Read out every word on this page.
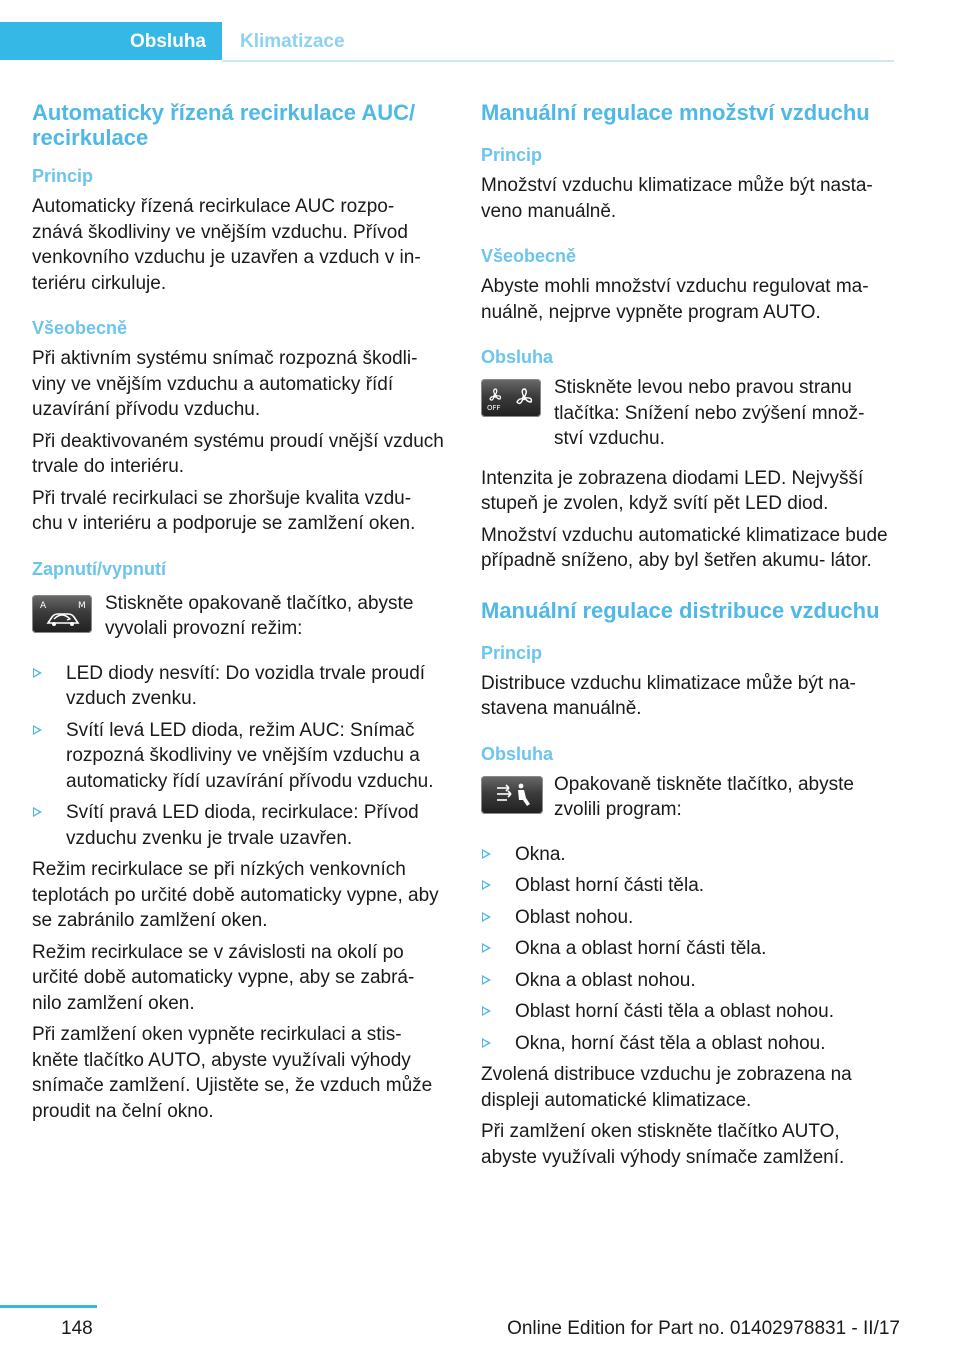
Obsluha	Klimatizace
Automaticky řízená recirkulace AUC/ recirkulace
Princip

Automaticky řízená recirkulace AUC rozpo‐ znává škodliviny ve vnějším vzduchu. Přívod venkovního vzduchu je uzavřen a vzduch v in‐ teriéru cirkuluje.

Všeobecně

Při aktivním systému snímač rozpozná škodli‐ viny ve vnějším vzduchu a automaticky řídí uzavírání přívodu vzduchu.

Při deaktivovaném systému proudí vnější vzduch trvale do interiéru.

Při trvalé recirkulaci se zhoršuje kvalita vzdu‐ chu v interiéru a podporuje se zamlžení oken.

Zapnutí/vypnutí
A	M Stiskněte opakovaně tlačítko, abyste vyvolali provozní režim:

LED diody nesvítí: Do vozidla trvale proudí vzduch zvenku.
Svítí levá LED dioda, režim AUC: Snímač rozpozná škodliviny ve vnějším vzduchu a automaticky řídí uzavírání přívodu vzduchu.
Svítí pravá LED dioda, recirkulace: Přívod vzduchu zvenku je trvale uzavřen.

Režim recirkulace se při nízkých venkovních teplotách po určité době automaticky vypne, aby se zabránilo zamlžení oken.

Režim recirkulace se v závislosti na okolí po určité době automaticky vypne, aby se zabrá‐ nilo zamlžení oken.

Při zamlžení oken vypněte recirkulaci a stis‐ kněte tlačítko AUTO, abyste využívali výhody snímače zamlžení. Ujistěte se, že vzduch může proudit na čelní okno.

Manuální regulace množství vzduchu
Princip

Množství vzduchu klimatizace může být nasta‐ veno manuálně.

Všeobecně

Abyste mohli množství vzduchu regulovat ma‐ nuálně, nejprve vypněte program AUTO.

Obsluha
OFF

Stiskněte levou nebo pravou stranu tlačítka: Snížení nebo zvýšení množ‐ ství vzduchu.

Intenzita je zobrazena diodami LED. Nejvyšší stupeň je zvolen, když svítí pět LED diod.

Množství vzduchu automatické klimatizace bude případně sníženo, aby byl šetřen akumu‐ látor.

Manuální regulace distribuce vzduchu
Princip

Distribuce vzduchu klimatizace může být na‐ stavena manuálně.

Obsluha

Opakovaně tiskněte tlačítko, abyste zvolili program:

Okna.
Oblast horní části těla.
Oblast nohou.
Okna a oblast horní části těla.
Okna a oblast nohou.
Oblast horní části těla a oblast nohou.
Okna, horní část těla a oblast nohou.

Zvolená distribuce vzduchu je zobrazena na displeji automatické klimatizace.

Při zamlžení oken stiskněte tlačítko AUTO, abyste využívali výhody snímače zamlžení.

148	Online Edition for Part no. 01402978831 - II/17
